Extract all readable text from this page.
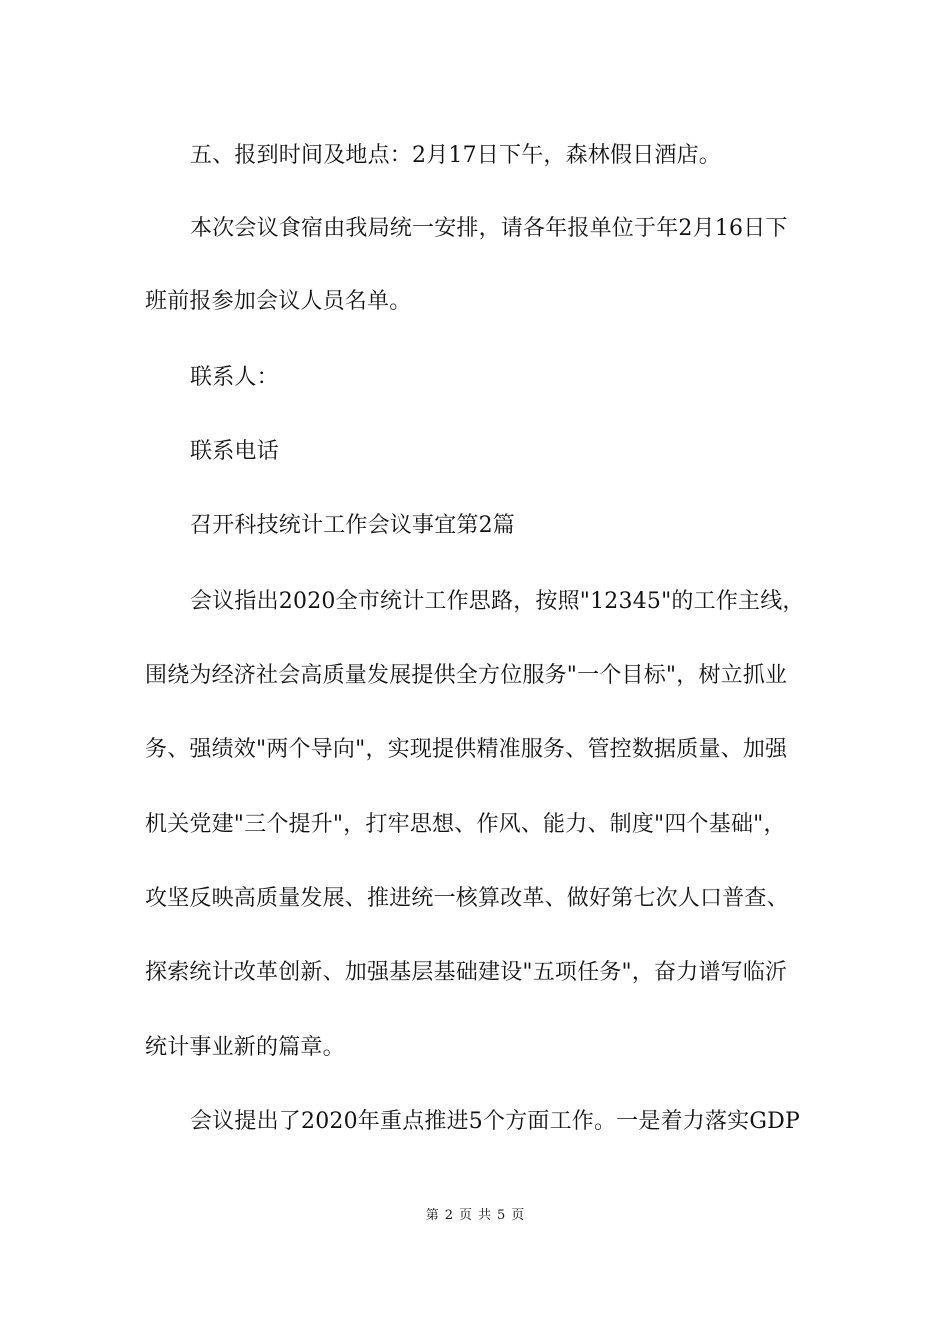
五、报到时间及地点：2月17日下午，森林假日酒店。
本次会议食宿由我局统一安排，请各年报单位于年2月16日下
班前报参加会议人员名单。
联系人：
联系电话
召开科技统计工作会议事宜第2篇
会议指出2020全市统计工作思路，按照"12345"的工作主线，
围绕为经济社会高质量发展提供全方位服务"一个目标"，树立抓业
务、强绩效"两个导向"，实现提供精准服务、管控数据质量、加强
机关党建"三个提升"，打牢思想、作风、能力、制度"四个基础"，
攻坚反映高质量发展、推进统一核算改革、做好第七次人口普查、
探索统计改革创新、加强基层基础建设"五项任务"，奋力谱写临沂
统计事业新的篇章。
会议提出了2020年重点推进5个方面工作。一是着力落实GDP
第 2 页 共 5 页
